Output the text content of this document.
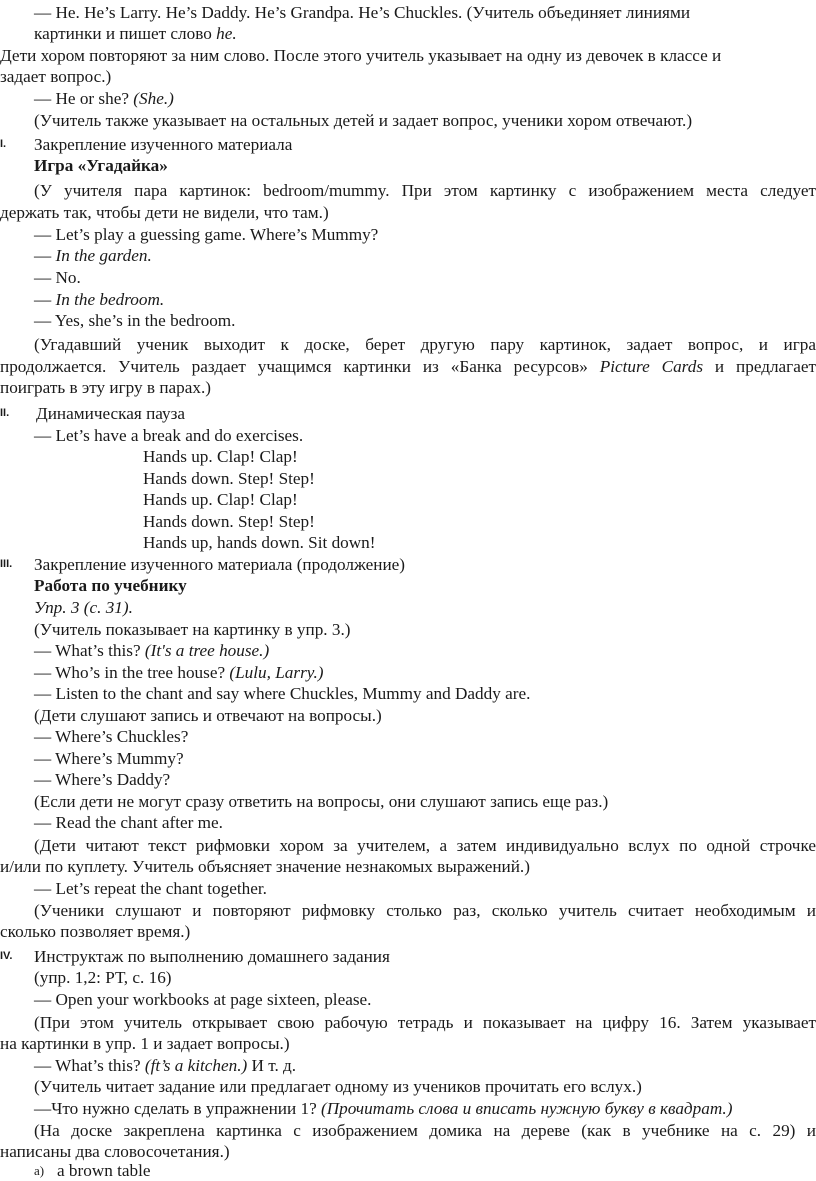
— He. He’s Larry. He’s Daddy. He’s Grandpa. He’s Chuckles. (Учитель объединяет линиями
картинки и пишет слово he.
Дети хором повторяют за ним слово. После этого учитель указывает на одну из девочек в классе и
задает вопрос.)
— He or she? (She.)
(Учитель также указывает на остальных детей и задает вопрос, ученики хором отвечают.)
I. Закрепление изученного материала
Игра «Угадайка»
(У учителя пара картинок: bedroom/mummy. При этом картинку с изображением места следует
держать так, чтобы дети не видели, что там.)
— Let’s play a guessing game. Where’s Mummy?
— In the garden.
— No.
— In the bedroom.
— Yes, she’s in the bedroom.
(Угадавший ученик выходит к доске, берет другую пару картинок, задает вопрос, и игра
продолжается. Учитель раздает учащимся картинки из «Банка ресурсов» Picture Cards и предлагает
поиграть в эту игру в парах.)
II. Динамическая пауза
— Let’s have a break and do exercises.
Hands up. Clap! Clap!
Hands down. Step! Step!
Hands up. Clap! Clap!
Hands down. Step! Step!
Hands up, hands down. Sit down!
III. Закрепление изученного материала (продолжение)
Работа по учебнику
Упр. 3 (с. 31).
(Учитель показывает на картинку в упр. 3.)
— What’s this? (It's a tree house.)
— Who’s in the tree house? (Lulu, Larry.)
— Listen to the chant and say where Chuckles, Mummy and Daddy are.
(Дети слушают запись и отвечают на вопросы.)
— Where’s Chuckles?
— Where’s Mummy?
— Where’s Daddy?
(Если дети не могут сразу ответить на вопросы, они слушают запись еще раз.)
— Read the chant after me.
(Дети читают текст рифмовки хором за учителем, а затем индивидуально вслух по одной строчке
и/или по куплету. Учитель объясняет значение незнакомых выражений.)
— Let’s repeat the chant together.
(Ученики слушают и повторяют рифмовку столько раз, сколько учитель считает необходимым и
сколько позволяет время.)
IV. Инструктаж по выполнению домашнего задания
(упр. 1,2: РТ, с. 16)
— Open your workbooks at page sixteen, please.
(При этом учитель открывает свою рабочую тетрадь и показывает на цифру 16. Затем указывает
на картинки в упр. 1 и задает вопросы.)
— What’s this? (ft’s a kitchen.) И т. д.
(Учитель читает задание или предлагает одному из учеников прочитать его вслух.)
—Что нужно сделать в упражнении 1? (Прочитать слова и вписать нужную букву в квадрат.)
(На доске закреплена картинка с изображением домика на дереве (как в учебнике на с. 29) и
написаны два словосочетания.)
a) a brown table
